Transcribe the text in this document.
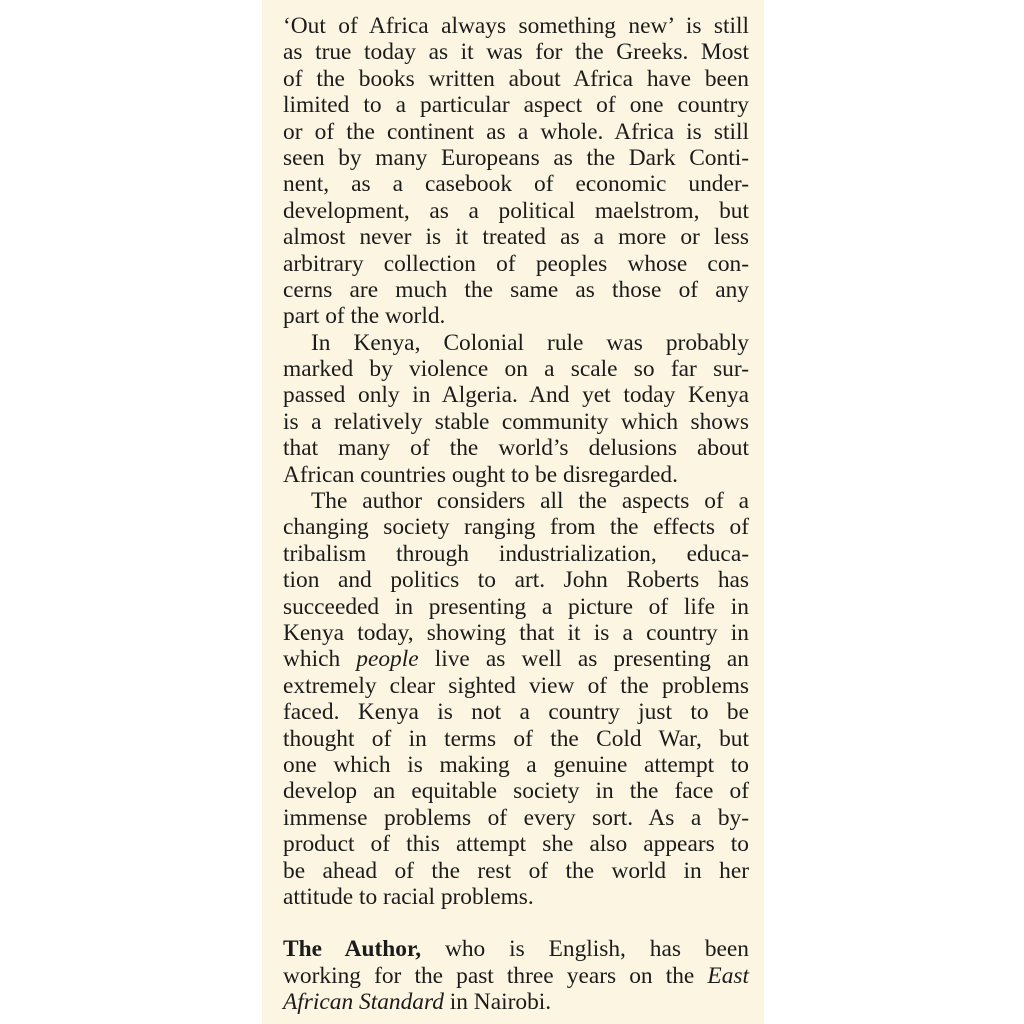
‘Out of Africa always something new’ is still
as true today as it was for the Greeks. Most
of the books written about Africa have been
limited to a particular aspect of one country
or of the continent as a whole. Africa is still
seen by many Europeans as the Dark Conti-
nent, as a casebook of economic under-
development, as a political maelstrom, but
almost never is it treated as a more or less
arbitrary collection of peoples whose con-
cerns are much the same as those of any
part of the world.
In Kenya, Colonial rule was probably
marked by violence on a scale so far sur-
passed only in Algeria. And yet today Kenya
is a relatively stable community which shows
that many of the world’s delusions about
African countries ought to be disregarded.
The author considers all the aspects of a
changing society ranging from the effects of
tribalism through industrialization, educa-
tion and politics to art. John Roberts has
succeeded in presenting a picture of life in
Kenya today, showing that it is a country in
which people live as well as presenting an
extremely clear sighted view of the problems
faced. Kenya is not a country just to be
thought of in terms of the Cold War, but
one which is making a genuine attempt to
develop an equitable society in the face of
immense problems of every sort. As a by-
product of this attempt she also appears to
be ahead of the rest of the world in her
attitude to racial problems.
The Author, who is English, has been
working for the past three years on the East
African Standard in Nairobi.
